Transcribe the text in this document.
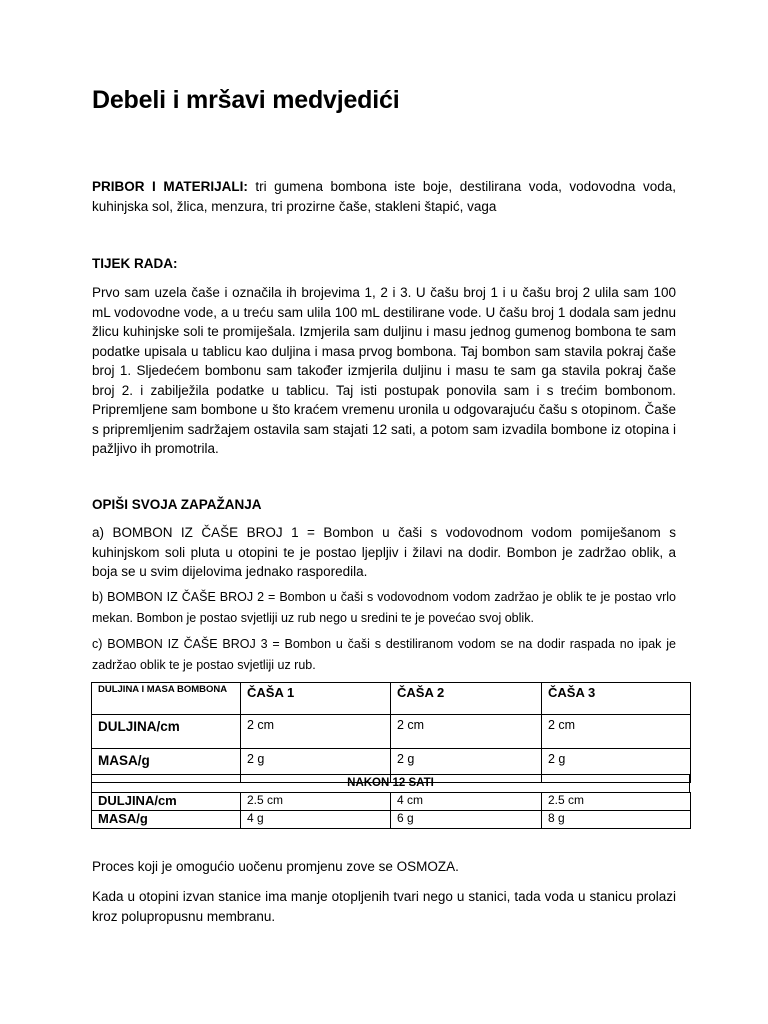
Debeli i mršavi medvjedići

PRIBOR I MATERIJALI: tri gumena bombona iste boje, destilirana voda, vodovodna voda, kuhinjska sol, žlica, menzura, tri prozirne čaše, stakleni štapić, vaga

TIJEK RADA:

Prvo sam uzela čaše i označila ih brojevima 1, 2 i 3. U čašu broj 1 i u čašu broj 2 ulila sam 100 mL vodovodne vode, a u treću sam ulila 100 mL destilirane vode. U čašu broj 1 dodala sam jednu žlicu kuhinjske soli te promiješala. Izmjerila sam duljinu i masu jednog gumenog bombona te sam podatke upisala u tablicu kao duljina i masa prvog bombona. Taj bombon sam stavila pokraj čaše broj 1. Sljedećem bombonu sam također izmjerila duljinu i masu te sam ga stavila pokraj čaše broj 2. i zabilježila podatke u tablicu. Taj isti postupak ponovila sam i s trećim bombonom. Pripremljene sam bombone u što kraćem vremenu uronila u odgovarajuću čašu s otopinom. Čaše s pripremljenim sadržajem ostavila sam stajati 12 sati, a potom sam izvadila bombone iz otopina i pažljivo ih promotrila.

OPIŠI SVOJA ZAPAŽANJA

a) BOMBON IZ ČAŠE BROJ 1 = Bombon u čaši s vodovodnom vodom pomiješanom s kuhinjskom soli pluta u otopini te je postao ljepljiv i žilavi na dodir. Bombon je zadržao oblik, a boja se u svim dijelovima jednako rasporedila.

b) BOMBON IZ ČAŠE BROJ 2 = Bombon u čaši s vodovodnom vodom zadržao je oblik te je postao vrlo mekan. Bombon je postao svjetliji uz rub nego u sredini te je povećao svoj oblik.

c) BOMBON IZ ČAŠE BROJ 3 = Bombon u čaši s destiliranom vodom se na dodir raspada no ipak je zadržao oblik te je postao svjetliji uz rub.

DULJINA I MASA BOMBONA	ČAŠA 1	ČAŠA 2	ČAŠA 3
DULJINA/cm	2 cm	2 cm	2 cm
MASA/g	2 g	2 g	2 g
NAKON 12 SATI
DULJINA/cm	2.5 cm	4 cm	2.5 cm
MASA/g	4 g	6 g	8 g

Proces koji je omogućio uočenu promjenu zove se OSMOZA.

Kada u otopini izvan stanice ima manje otopljenih tvari nego u stanici, tada voda u stanicu prolazi kroz polupropusnu membranu.
